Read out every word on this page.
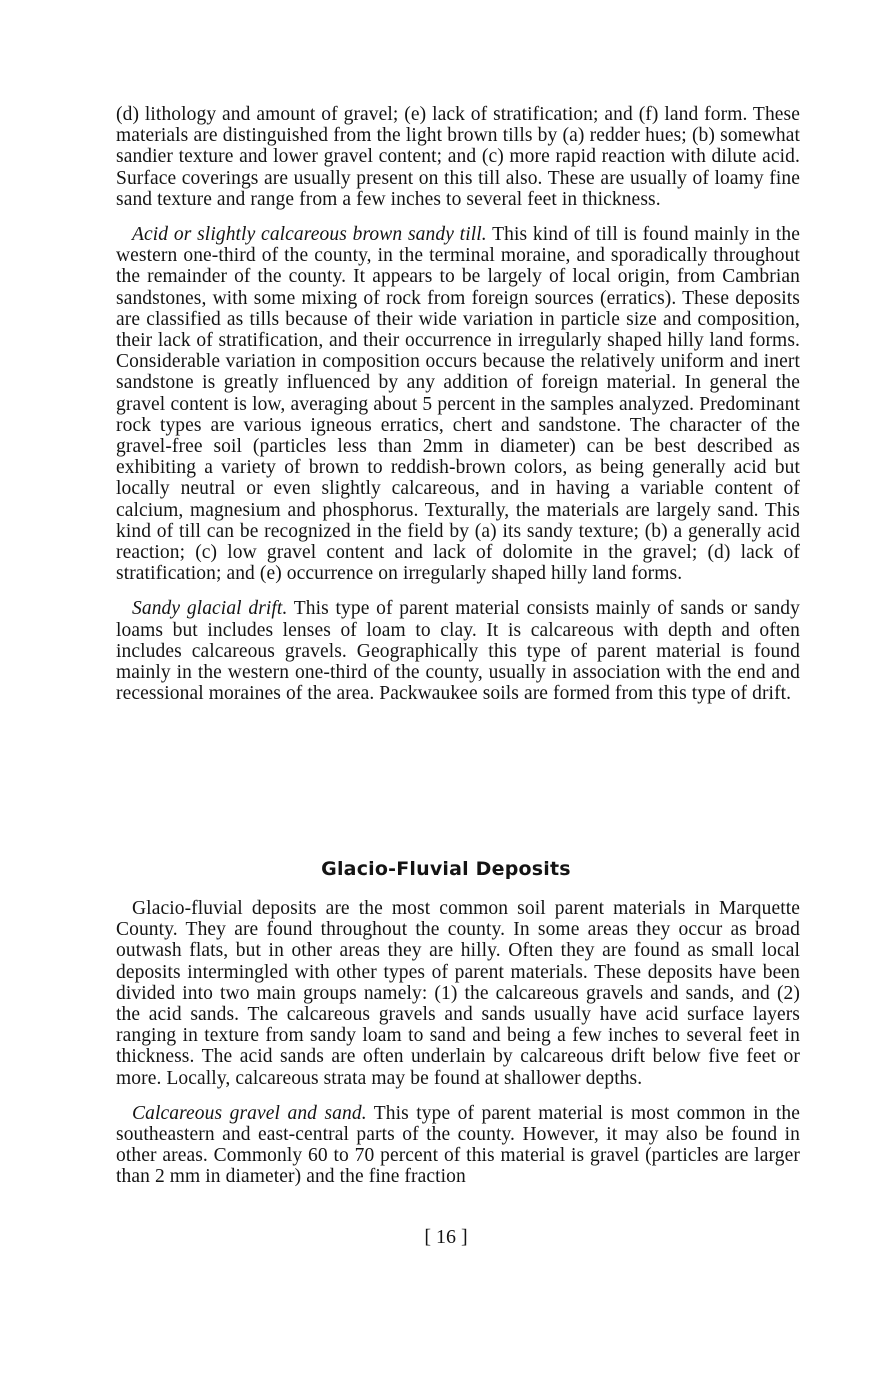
(d) lithology and amount of gravel; (e) lack of stratification; and (f) land form. These materials are distinguished from the light brown tills by (a) redder hues; (b) somewhat sandier texture and lower gravel content; and (c) more rapid reaction with dilute acid. Surface coverings are usually present on this till also. These are usually of loamy fine sand texture and range from a few inches to several feet in thickness.

Acid or slightly calcareous brown sandy till. This kind of till is found mainly in the western one-third of the county, in the terminal moraine, and sporadically throughout the remainder of the county. It appears to be largely of local origin, from Cambrian sandstones, with some mixing of rock from foreign sources (erratics). These deposits are classified as tills because of their wide variation in particle size and composition, their lack of stratification, and their occurrence in irregularly shaped hilly land forms. Considerable variation in composition occurs because the relatively uniform and inert sandstone is greatly influenced by any addition of foreign material. In general the gravel content is low, averaging about 5 percent in the samples analyzed. Predominant rock types are various igneous erratics, chert and sandstone. The character of the gravel-free soil (particles less than 2mm in diameter) can be best described as exhibiting a variety of brown to reddish-brown colors, as being generally acid but locally neutral or even slightly calcareous, and in having a variable content of calcium, magnesium and phosphorus. Texturally, the materials are largely sand. This kind of till can be recognized in the field by (a) its sandy texture; (b) a generally acid reaction; (c) low gravel content and lack of dolomite in the gravel; (d) lack of stratification; and (e) occurrence on irregularly shaped hilly land forms.

Sandy glacial drift. This type of parent material consists mainly of sands or sandy loams but includes lenses of loam to clay. It is calcareous with depth and often includes calcareous gravels. Geographically this type of parent material is found mainly in the western one-third of the county, usually in association with the end and recessional moraines of the area. Packwaukee soils are formed from this type of drift.

Glacio-Fluvial Deposits

Glacio-fluvial deposits are the most common soil parent materials in Marquette County. They are found throughout the county. In some areas they occur as broad outwash flats, but in other areas they are hilly. Often they are found as small local deposits intermingled with other types of parent materials. These deposits have been divided into two main groups namely: (1) the calcareous gravels and sands, and (2) the acid sands. The calcareous gravels and sands usually have acid surface layers ranging in texture from sandy loam to sand and being a few inches to several feet in thickness. The acid sands are often underlain by calcareous drift below five feet or more. Locally, calcareous strata may be found at shallower depths.

Calcareous gravel and sand. This type of parent material is most common in the southeastern and east-central parts of the county. However, it may also be found in other areas. Commonly 60 to 70 percent of this material is gravel (particles are larger than 2 mm in diameter) and the fine fraction

[ 16 ]
